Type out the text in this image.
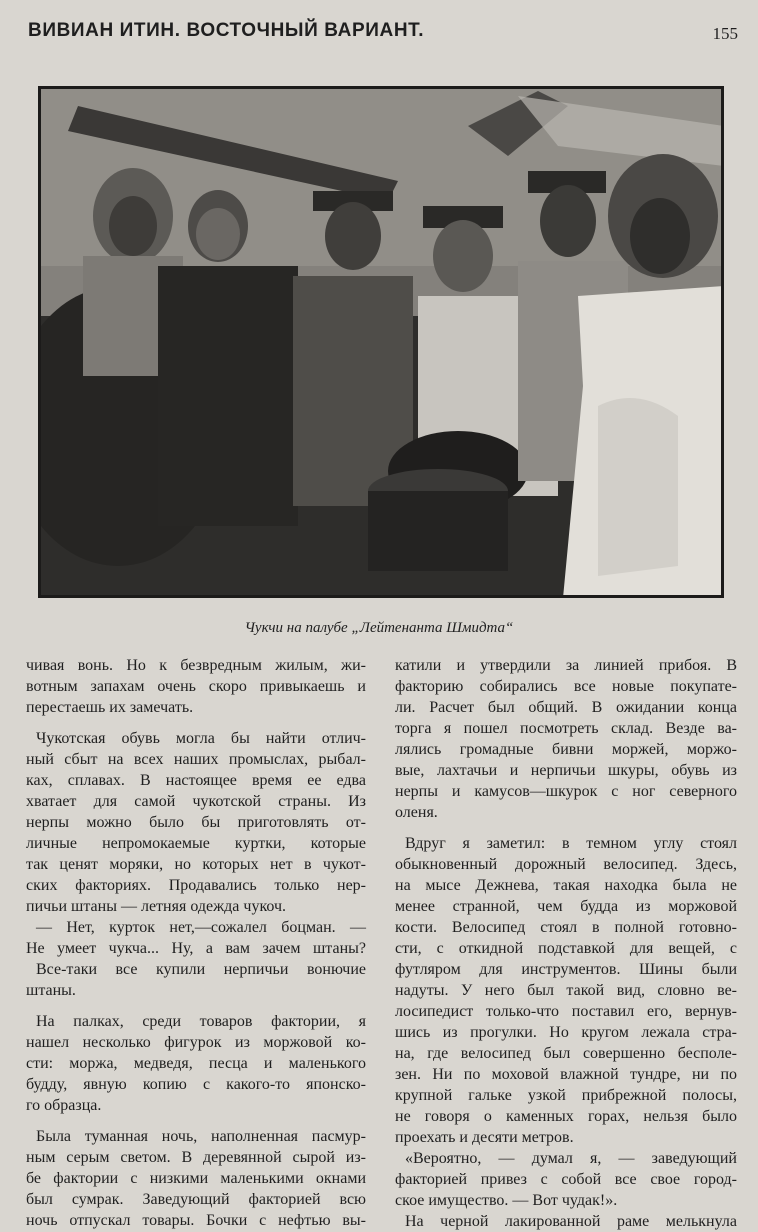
ВИВИАН ИТИН. ВОСТОЧНЫЙ ВАРИАНТ.	155
Чукчи на палубе „Лейтенанта Шмидта“
чивая вонь. Но к безвредным жилым, жи-
вотным запахам очень скоро привыкаешь и
перестаешь их замечать.
Чукотская обувь могла бы найти отлич-
ный сбыт на всех наших промыслах, рыбал-
ках, сплавах. В настоящее время ее едва
хватает для самой чукотской страны. Из
нерпы можно было бы приготовлять от-
личные непромокаемые куртки, которые
так ценят моряки, но которых нет в чукот-
ских факториях. Продавались только нер-
пичьи штаны — летняя одежда чукоч.
— Нет, курток нет,—сожалел боцман. —
Не умеет чукча... Ну, а вам зачем штаны?
Все-таки все купили нерпичьи вонючие
штаны.
На палках, среди товаров фактории, я
нашел несколько фигурок из моржовой ко-
сти: моржа, медведя, песца и маленького
будду, явную копию с какого-то японско-
го образца.
Была туманная ночь, наполненная пасмур-
ным серым светом. В деревянной сырой из-
бе фактории с низкими маленькими окнами
был сумрак. Заведующий факторией всю
ночь отпускал товары. Бочки с нефтью вы-
катили и утвердили за линией прибоя. В
факторию собирались все новые покупате-
ли. Расчет был общий. В ожидании конца
торга я пошел посмотреть склад. Везде ва-
лялись громадные бивни моржей, моржо-
вые, лахтачьи и нерпичьи шкуры, обувь из
нерпы и камусов—шкурок с ног северного
оленя.
Вдруг я заметил: в темном углу стоял
обыкновенный дорожный велосипед. Здесь,
на мысе Дежнева, такая находка была не
менее странной, чем будда из моржовой
кости. Велосипед стоял в полной готовно-
сти, с откидной подставкой для вещей, с
футляром для инструментов. Шины были
надуты. У него был такой вид, словно ве-
лосипедист только-что поставил его, вернув-
шись из прогулки. Но кругом лежала стра-
на, где велосипед был совершенно бесполе-
зен. Ни по моховой влажной тундре, ни по
крупной гальке узкой прибрежной полосы,
не говоря о каменных горах, нельзя было
проехать и десяти метров.
«Вероятно, — думал я, — заведующий
факторией привез с собой все свое город-
ское имущество. — Вот чудак!».
На черной лакированной раме мелькнула
